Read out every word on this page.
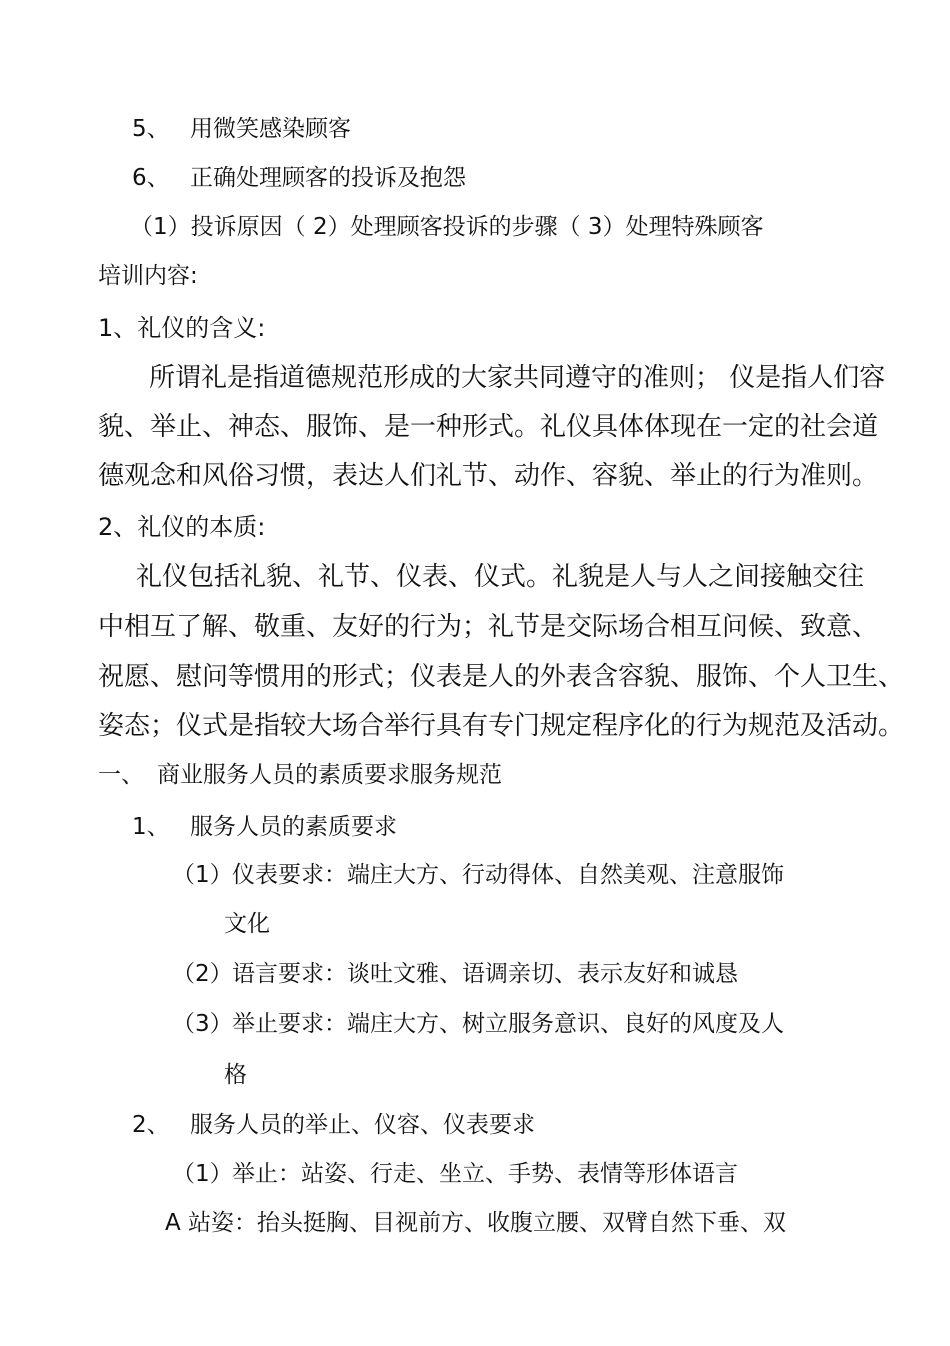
5、 用微笑感染顾客
6、 正确处理顾客的投诉及抱怨
（1）投诉原因（ 2）处理顾客投诉的步骤（ 3）处理特殊顾客
培训内容:
1、礼仪的含义:
所谓礼是指道德规范形成的大家共同遵守的准则； 仪是指人们容
貌、举止、神态、服饰、是一种形式。礼仪具体体现在一定的社会道
德观念和风俗习惯，表达人们礼节、动作、容貌、举止的行为准则。
2、礼仪的本质:
礼仪包括礼貌、礼节、仪表、仪式。礼貌是人与人之间接触交往
中相互了解、敬重、友好的行为；礼节是交际场合相互问候、致意、
祝愿、慰问等惯用的形式；仪表是人的外表含容貌、服饰、个人卫生、
姿态；仪式是指较大场合举行具有专门规定程序化的行为规范及活动。
一、 商业服务人员的素质要求服务规范
1、 服务人员的素质要求
（1） 仪表要求：端庄大方、行动得体、自然美观、注意服饰
文化
（2） 语言要求：谈吐文雅、语调亲切、表示友好和诚恳
（3） 举止要求：端庄大方、树立服务意识、良好的风度及人
格
2、 服务人员的举止、仪容、仪表要求
（1） 举止：站姿、行走、坐立、手势、表情等形体语言
A 站姿：抬头挺胸、目视前方、收腹立腰、双臂自然下垂、双
